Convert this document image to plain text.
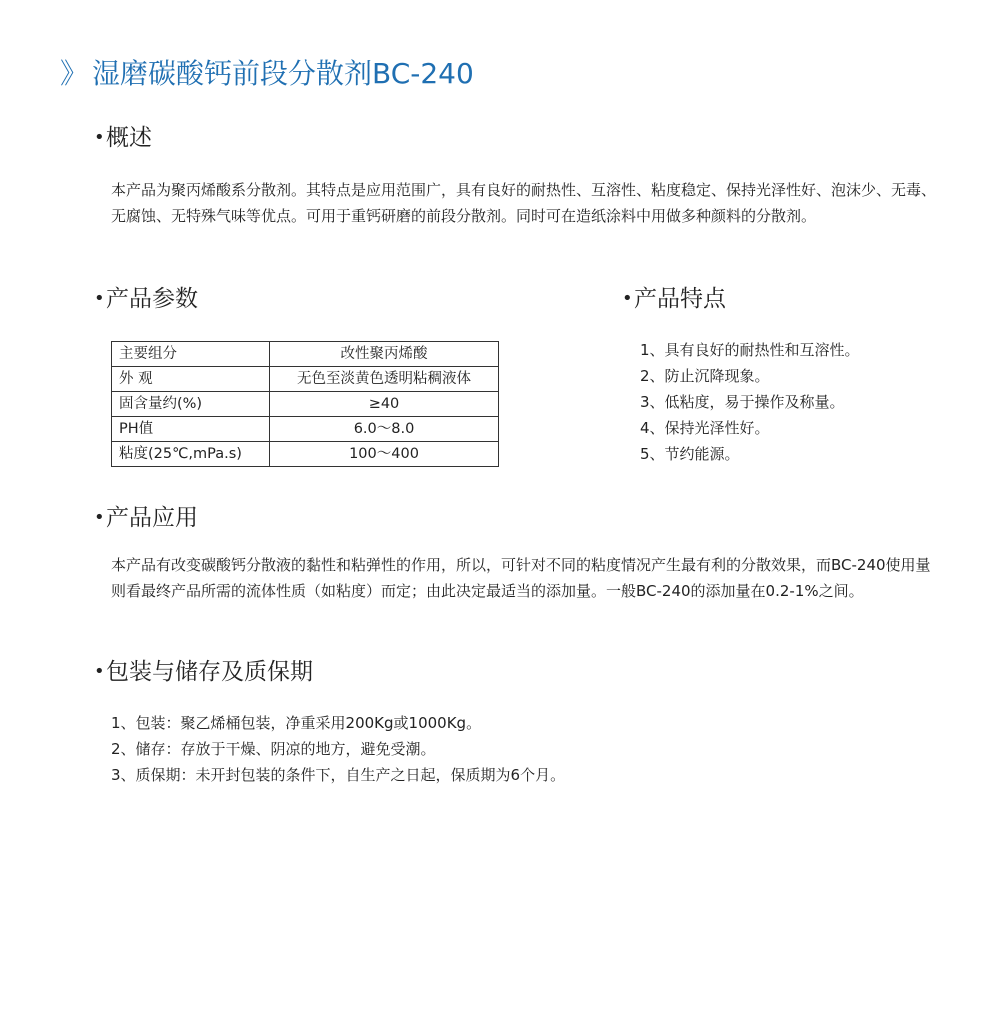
》 湿磨碳酸钙前段分散剂BC-240
•概述
本产品为聚丙烯酸系分散剂。其特点是应用范围广，具有良好的耐热性、互溶性、粘度稳定、保持光泽性好、泡沫少、无毒、无腐蚀、无特殊气味等优点。可用于重钙研磨的前段分散剂。同时可在造纸涂料中用做多种颜料的分散剂。
•产品参数
主要组分	改性聚丙烯酸
外 观	无色至淡黄色透明粘稠液体
固含量约(%)	≥40
PH值	6.0～8.0
粘度(25℃,mPa.s)	100～400
•产品特点
1、具有良好的耐热性和互溶性。
2、防止沉降现象。
3、低粘度，易于操作及称量。
4、保持光泽性好。
5、节约能源。
•产品应用
本产品有改变碳酸钙分散液的黏性和粘弹性的作用，所以，可针对不同的粘度情况产生最有利的分散效果，而BC-240使用量则看最终产品所需的流体性质（如粘度）而定；由此决定最适当的添加量。一般BC-240的添加量在0.2-1%之间。
•包装与储存及质保期
1、包装：聚乙烯桶包装，净重采用200Kg或1000Kg。
2、储存：存放于干燥、阴凉的地方，避免受潮。
3、质保期：未开封包装的条件下，自生产之日起，保质期为6个月。
